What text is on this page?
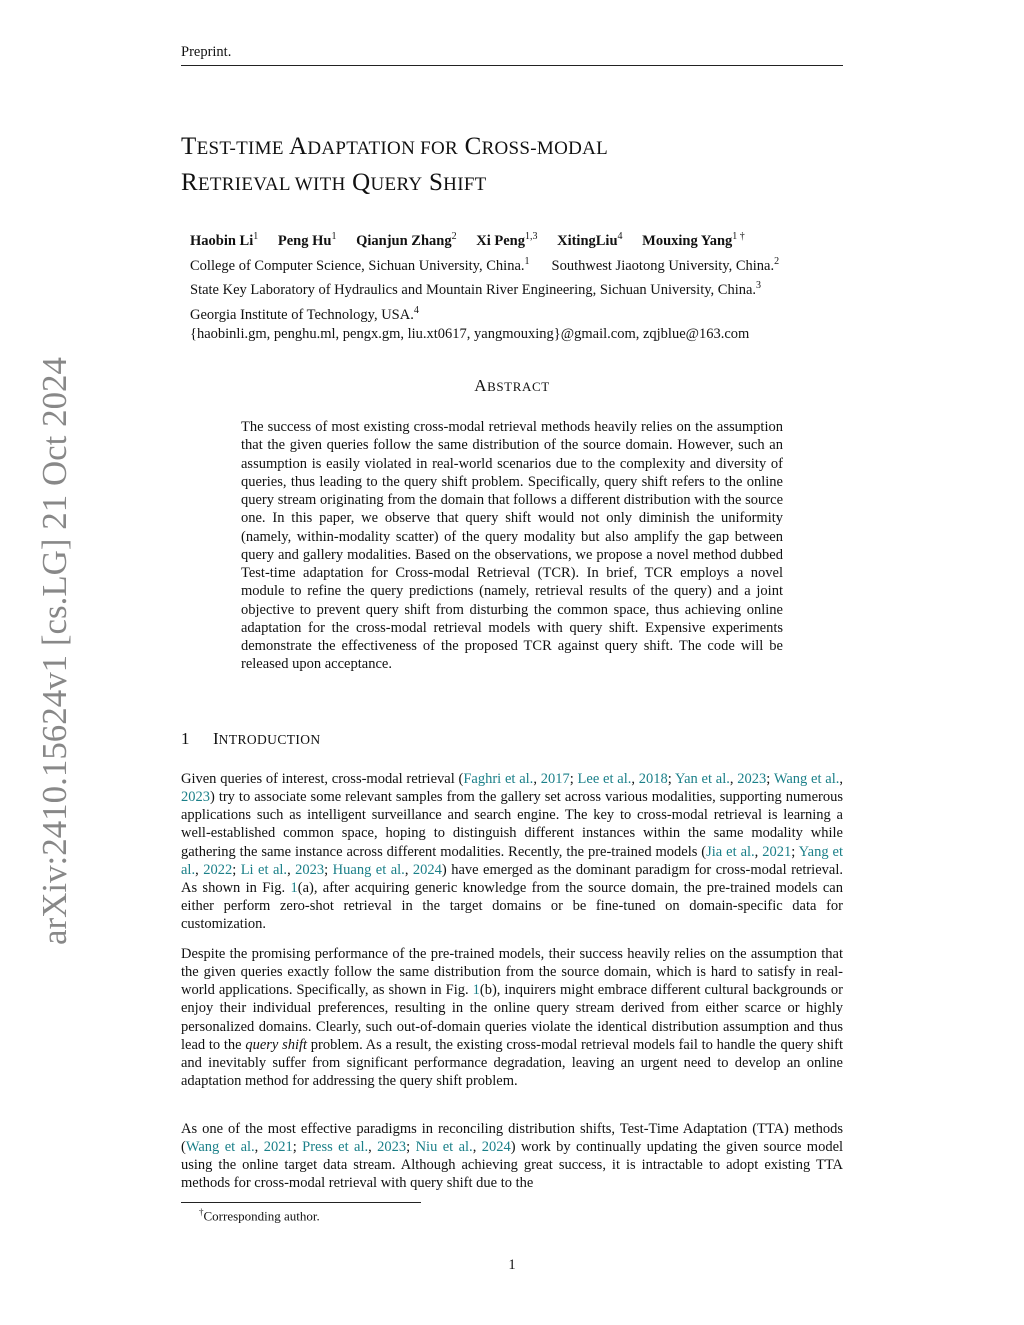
arXiv:2410.15624v1 [cs.LG] 21 Oct 2024
Preprint.
TEST-TIME ADAPTATION FOR CROSS-MODAL
RETRIEVAL WITH QUERY SHIFT
Haobin Li$^1$ Peng Hu$^1$ Qianjun Zhang$^2$ Xi Peng$^{1,3}$ XitingLiu$^4$ Mouxing Yang$^{1 \dagger}$
College of Computer Science, Sichuan University, China.$^1$ Southwest Jiaotong University, China.$^2$
State Key Laboratory of Hydraulics and Mountain River Engineering, Sichuan University, China.$^3$
Georgia Institute of Technology, USA.$^4$
{haobinli.gm, penghu.ml, pengx.gm, liu.xt0617, yangmouxing}@gmail.com, zqjblue@163.com
ABSTRACT
The success of most existing cross-modal retrieval methods heavily relies on the assumption that the given queries follow the same distribution of the source domain. However, such an assumption is easily violated in real-world scenarios due to the complexity and diversity of queries, thus leading to the query shift problem. Specifically, query shift refers to the online query stream originating from the domain that follows a different distribution with the source one. In this paper, we observe that query shift would not only diminish the uniformity (namely, within-modality scatter) of the query modality but also amplify the gap between query and gallery modalities. Based on the observations, we propose a novel method dubbed Test-time adaptation for Cross-modal Retrieval (TCR). In brief, TCR employs a novel module to refine the query predictions (namely, retrieval results of the query) and a joint objective to prevent query shift from disturbing the common space, thus achieving online adaptation for the cross-modal retrieval models with query shift. Expensive experiments demonstrate the effectiveness of the proposed TCR against query shift. The code will be released upon acceptance.
1 INTRODUCTION
Given queries of interest, cross-modal retrieval (Faghri et al., 2017; Lee et al., 2018; Yan et al., 2023; Wang et al., 2023) try to associate some relevant samples from the gallery set across various modalities, supporting numerous applications such as intelligent surveillance and search engine. The key to cross-modal retrieval is learning a well-established common space, hoping to distinguish different instances within the same modality while gathering the same instance across different modalities. Recently, the pre-trained models (Jia et al., 2021; Yang et al., 2022; Li et al., 2023; Huang et al., 2024) have emerged as the dominant paradigm for cross-modal retrieval. As shown in Fig. 1(a), after acquiring generic knowledge from the source domain, the pre-trained models can either perform zero-shot retrieval in the target domains or be fine-tuned on domain-specific data for customization.
Despite the promising performance of the pre-trained models, their success heavily relies on the assumption that the given queries exactly follow the same distribution from the source domain, which is hard to satisfy in real-world applications. Specifically, as shown in Fig. 1(b), inquirers might embrace different cultural backgrounds or enjoy their individual preferences, resulting in the online query stream derived from either scarce or highly personalized domains. Clearly, such out-of-domain queries violate the identical distribution assumption and thus lead to the query shift problem. As a result, the existing cross-modal retrieval models fail to handle the query shift and inevitably suffer from significant performance degradation, leaving an urgent need to develop an online adaptation method for addressing the query shift problem.
As one of the most effective paradigms in reconciling distribution shifts, Test-Time Adaptation (TTA) methods (Wang et al., 2021; Press et al., 2023; Niu et al., 2024) work by continually updating the given source model using the online target data stream. Although achieving great success, it is intractable to adopt existing TTA methods for cross-modal retrieval with query shift due to the
†Corresponding author.
1
